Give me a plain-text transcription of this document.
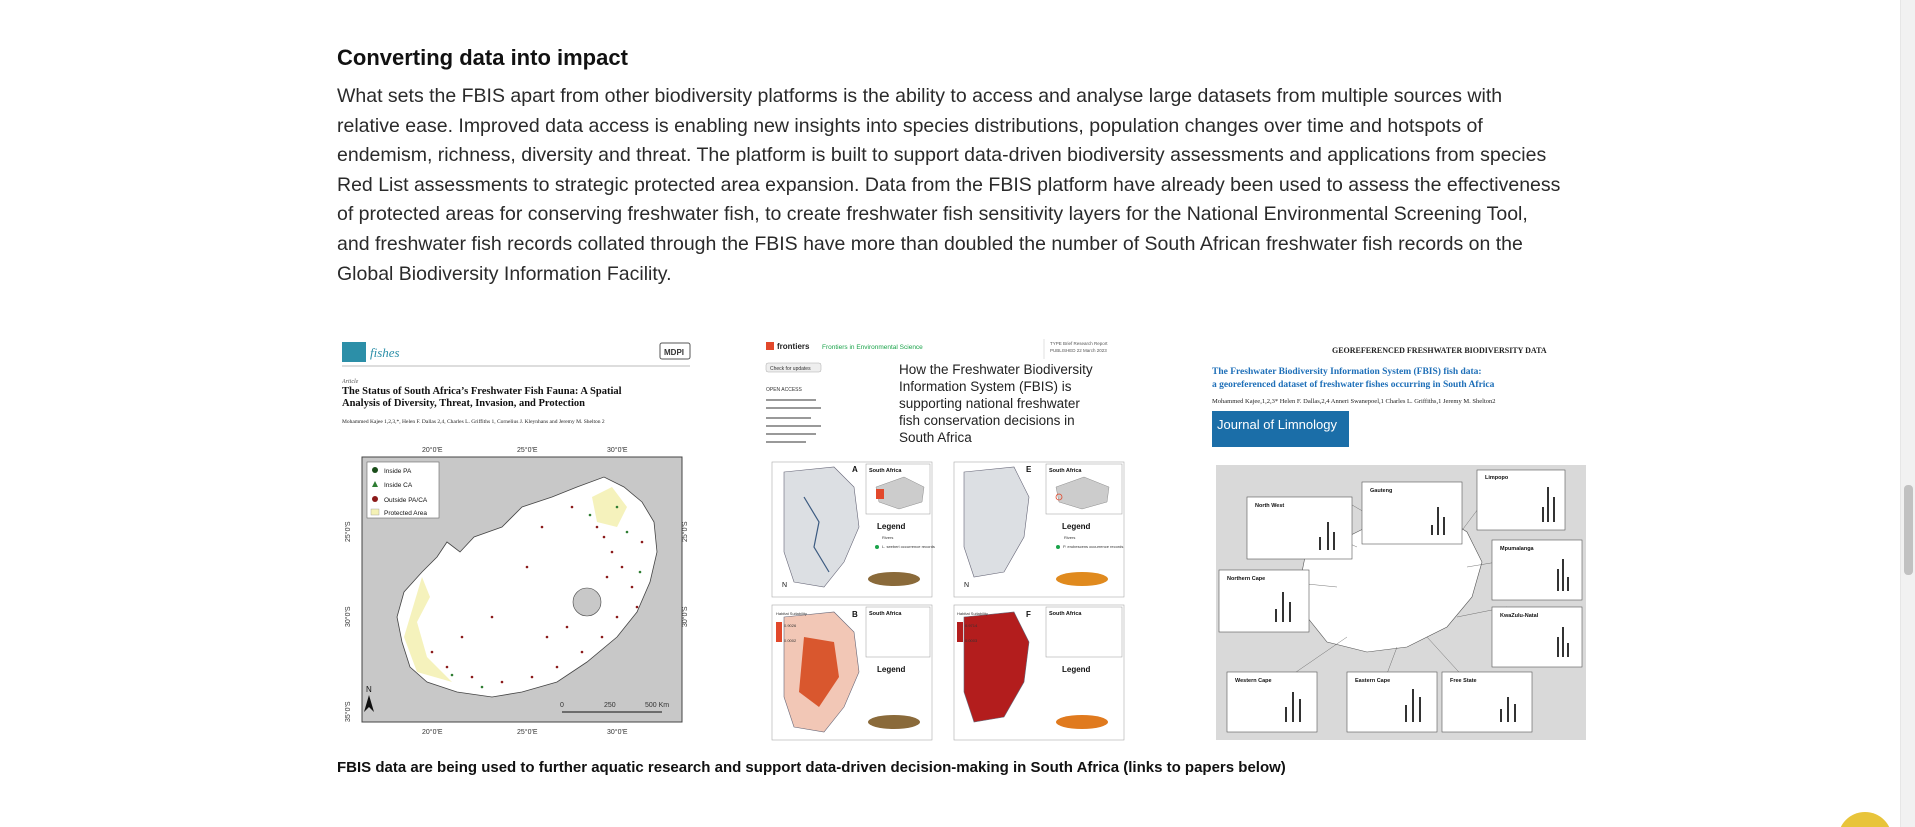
Converting data into impact

What sets the FBIS apart from other biodiversity platforms is the ability to access and analyse large datasets from multiple sources with relative ease. Improved data access is enabling new insights into species distributions, population changes over time and hotspots of endemism, richness, diversity and threat. The platform is built to support data-driven biodiversity assessments and applications from species Red List assessments to strategic protected area expansion. Data from the FBIS platform have already been used to assess the effectiveness of protected areas for conserving freshwater fish, to create freshwater fish sensitivity layers for the National Environmental Screening Tool, and freshwater fish records collated through the FBIS have more than doubled the number of South African freshwater fish records on the Global Biodiversity Information Facility.

fishes	MDPI
Article
The Status of South Africa’s Freshwater Fish Fauna: A Spatial
Analysis of Diversity, Threat, Invasion, and Protection
Mohammed Kajee 1,2,3,*, Helen F. Dallas 2,4, Charles L. Griffiths 1, Cornelius J. Kleynhans and Jeremy M. Shelton 2
20°0'E	25°0'E	30°0'E
Inside PA
Inside CA
Outside PA/CA
Protected Area
25°0'S
30°0'S
35°0'S
25°0'S
30°0'S
N
0	250	500 Km
20°0'E	25°0'E	30°0'E
frontiers Frontiers in Environmental Science
TYPE Brief Research Report
PUBLISHED 22 March 2023
Check for updates
OPEN ACCESS
How the Freshwater Biodiversity
Information System (FBIS) is
supporting national freshwater
fish conservation decisions in
South Africa
A South Africa
Legend
Rivers
L. seeberi occurrence records
N
E	South Africa
Legend
Rivers
P. erubescens occurrence records
N
B
Habitat Suitability
0.9026
0.0002
South Africa
Legend
F
Habitat Suitability
0.9714
0.0003
South Africa
Legend
GEOREFERENCED FRESHWATER BIODIVERSITY DATA
The Freshwater Biodiversity Information System (FBIS) fish data:
a georeferenced dataset of freshwater fishes occurring in South Africa
Mohammed Kajee,1,2,3* Helen F. Dallas,2,4 Anneri Swanepoel,1 Charles L. Griffiths,1 Jeremy M. Shelton2
Journal of Limnology
Limpopo
North West
Gauteng
Mpumalanga
Northern Cape
KwaZulu-Natal
Western Cape	Eastern Cape	Free State
FBIS data are being used to further aquatic research and support data-driven decision-making in South Africa (links to papers below)
